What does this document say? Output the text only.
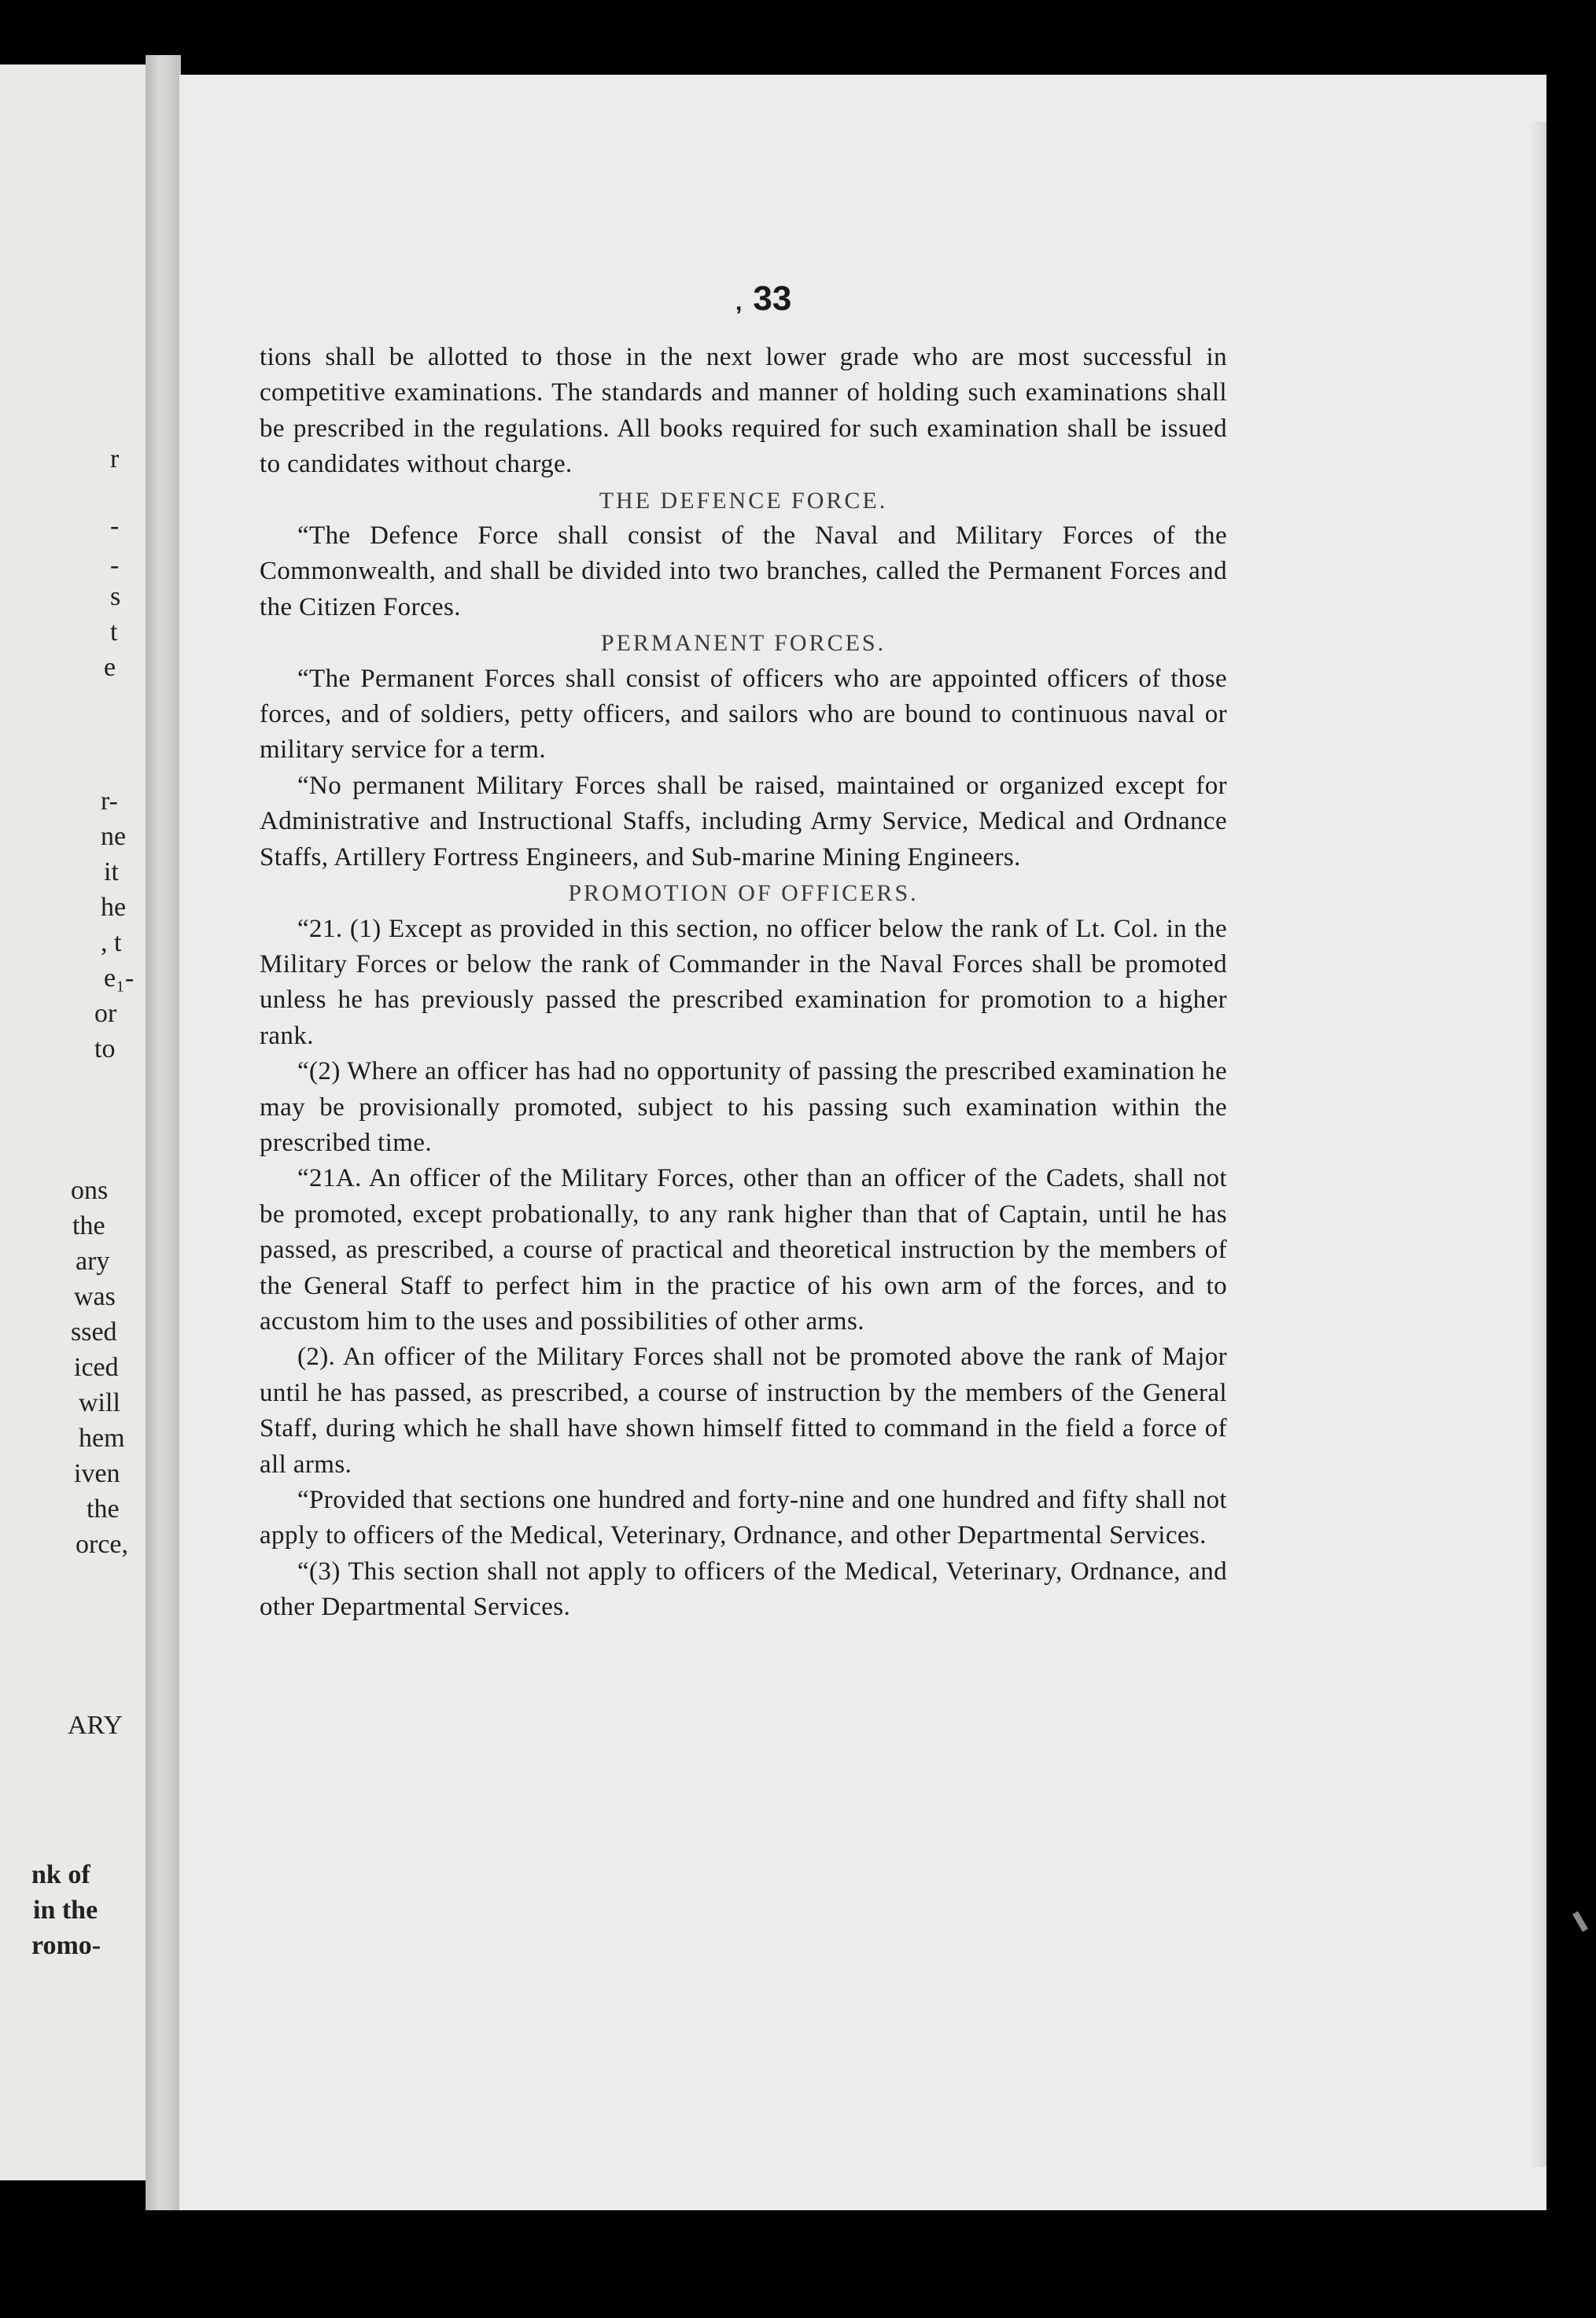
r
-
-
s
t
e
r-
ne
it
he
, t
e₁-
or
to
ons
the
ary
was
ssed
iced
will
hem
iven
the
orce,
ARY
nk of
in the
romo-
, 33

tions shall be allotted to those in the next lower grade who are most successful in competitive examinations. The standards and manner of holding such examinations shall be prescribed in the regulations. All books required for such examination shall be issued to candidates without charge.

THE DEFENCE FORCE.

“The Defence Force shall consist of the Naval and Military Forces of the Commonwealth, and shall be divided into two branches, called the Permanent Forces and the Citizen Forces.

PERMANENT FORCES.

“The Permanent Forces shall consist of officers who are appointed officers of those forces, and of soldiers, petty officers, and sailors who are bound to continuous naval or military service for a term.

“No permanent Military Forces shall be raised, maintained or organized except for Administrative and Instructional Staffs, including Army Service, Medical and Ordnance Staffs, Artillery Fortress Engineers, and Sub-marine Mining Engineers.

PROMOTION OF OFFICERS.

“21. (1) Except as provided in this section, no officer below the rank of Lt. Col. in the Military Forces or below the rank of Commander in the Naval Forces shall be promoted unless he has previously passed the prescribed examination for promotion to a higher rank.

“(2) Where an officer has had no opportunity of passing the prescribed examination he may be provisionally promoted, subject to his passing such examination within the prescribed time.

“21A. An officer of the Military Forces, other than an officer of the Cadets, shall not be promoted, except probationally, to any rank higher than that of Captain, until he has passed, as prescribed, a course of practical and theoretical instruction by the members of the General Staff to perfect him in the practice of his own arm of the forces, and to accustom him to the uses and possibilities of other arms.

(2). An officer of the Military Forces shall not be promoted above the rank of Major until he has passed, as prescribed, a course of instruction by the members of the General Staff, during which he shall have shown himself fitted to command in the field a force of all arms.

“Provided that sections one hundred and forty-nine and one hundred and fifty shall not apply to officers of the Medical, Veterinary, Ordnance, and other Departmental Services.

“(3) This section shall not apply to officers of the Medical, Veterinary, Ordnance, and other Departmental Services.
